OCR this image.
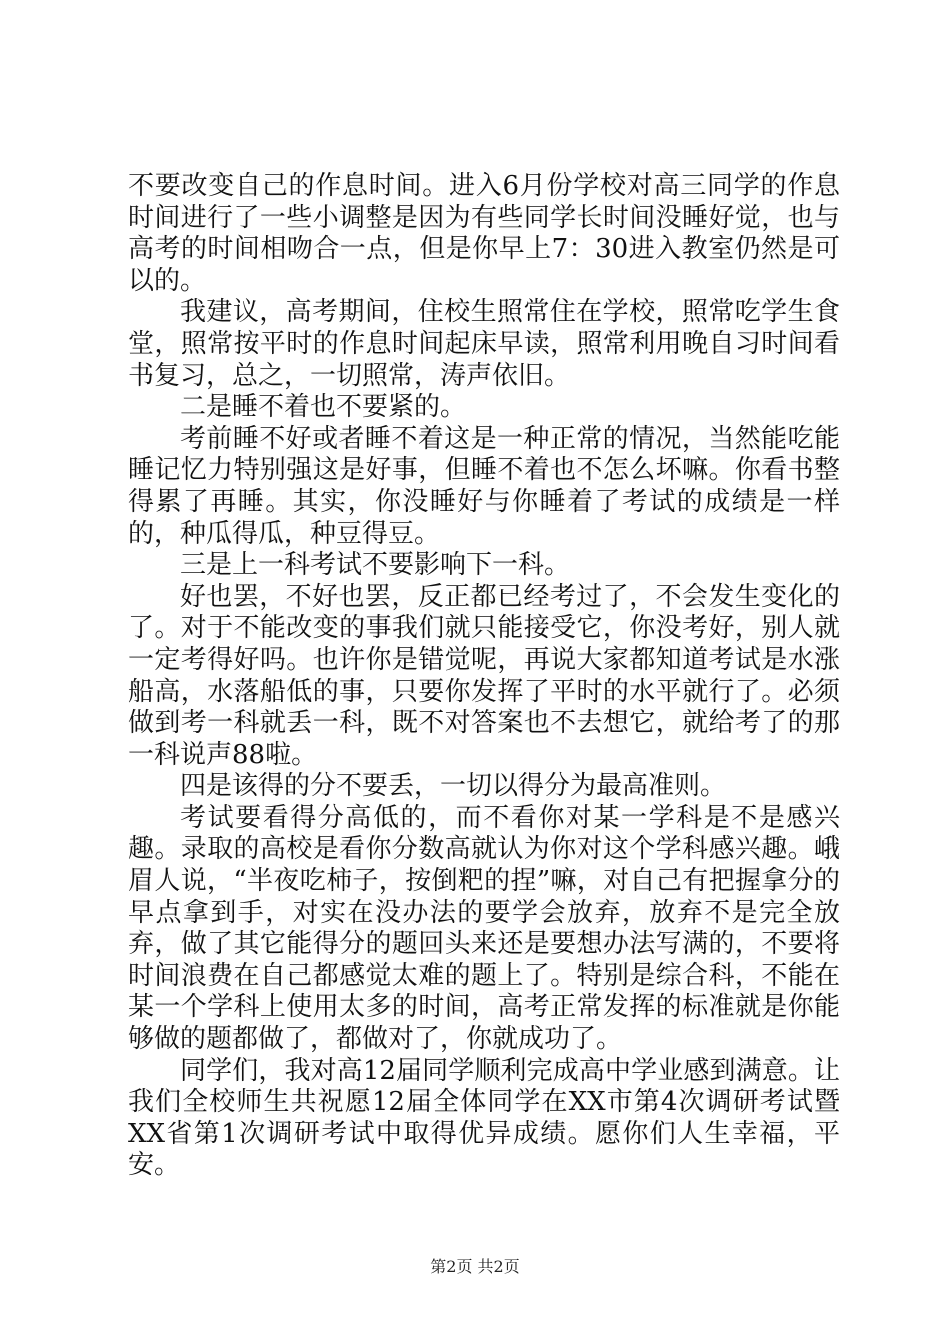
不要改变自己的作息时间。进入6月份学校对高三同学的作息时间进行了一些小调整是因为有些同学长时间没睡好觉，也与高考的时间相吻合一点，但是你早上7：30进入教室仍然是可以的。

我建议，高考期间，住校生照常住在学校，照常吃学生食堂，照常按平时的作息时间起床早读，照常利用晚自习时间看书复习，总之，一切照常，涛声依旧。

二是睡不着也不要紧的。

考前睡不好或者睡不着这是一种正常的情况，当然能吃能睡记忆力特别强这是好事，但睡不着也不怎么坏嘛。你看书整得累了再睡。其实，你没睡好与你睡着了考试的成绩是一样的，种瓜得瓜，种豆得豆。

三是上一科考试不要影响下一科。

好也罢，不好也罢，反正都已经考过了，不会发生变化的了。对于不能改变的事我们就只能接受它，你没考好，别人就一定考得好吗。也许你是错觉呢，再说大家都知道考试是水涨船高，水落船低的事，只要你发挥了平时的水平就行了。必须做到考一科就丢一科，既不对答案也不去想它，就给考了的那一科说声88啦。

四是该得的分不要丢，一切以得分为最高准则。

考试要看得分高低的，而不看你对某一学科是不是感兴趣。录取的高校是看你分数高就认为你对这个学科感兴趣。峨眉人说，“半夜吃柿子，按倒粑的捏”嘛，对自己有把握拿分的早点拿到手，对实在没办法的要学会放弃，放弃不是完全放弃，做了其它能得分的题回头来还是要想办法写满的，不要将时间浪费在自己都感觉太难的题上了。特别是综合科，不能在某一个学科上使用太多的时间，高考正常发挥的标准就是你能够做的题都做了，都做对了，你就成功了。

同学们，我对高12届同学顺利完成高中学业感到满意。让我们全校师生共祝愿12届全体同学在XX市第4次调研考试暨XX省第1次调研考试中取得优异成绩。愿你们人生幸福，平安。

第2页 共2页
